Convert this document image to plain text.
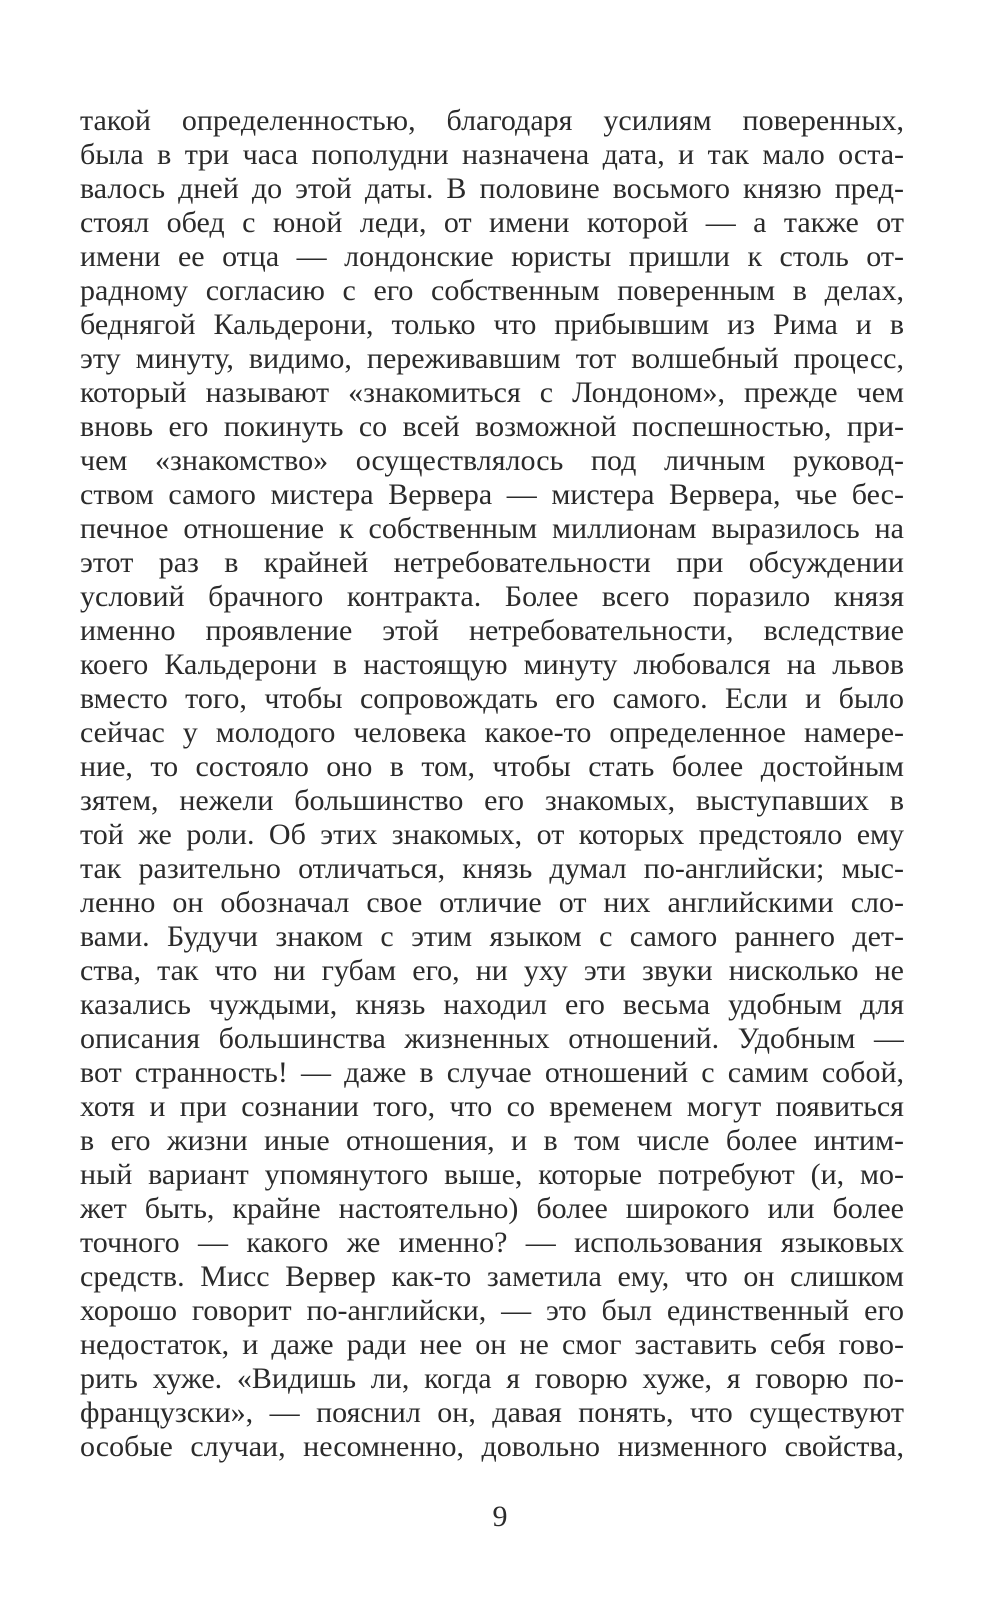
такой определенностью, благодаря усилиям поверенных,
была в три часа пополудни назначена дата, и так мало оста-
валось дней до этой даты. В половине восьмого князю пред-
стоял обед с юной леди, от имени которой — а также от
имени ее отца — лондонские юристы пришли к столь от-
радному согласию с его собственным поверенным в делах,
беднягой Кальдерони, только что прибывшим из Рима и в
эту минуту, видимо, переживавшим тот волшебный процесс,
который называют «знакомиться с Лондоном», прежде чем
вновь его покинуть со всей возможной поспешностью, при-
чем «знакомство» осуществлялось под личным руковод-
ством самого мистера Вервера — мистера Вервера, чье бес-
печное отношение к собственным миллионам выразилось на
этот раз в крайней нетребовательности при обсуждении
условий брачного контракта. Более всего поразило князя
именно проявление этой нетребовательности, вследствие
коего Кальдерони в настоящую минуту любовался на львов
вместо того, чтобы сопровождать его самого. Если и было
сейчас у молодого человека какое-то определенное намере-
ние, то состояло оно в том, чтобы стать более достойным
зятем, нежели большинство его знакомых, выступавших в
той же роли. Об этих знакомых, от которых предстояло ему
так разительно отличаться, князь думал по-английски; мыс-
ленно он обозначал свое отличие от них английскими сло-
вами. Будучи знаком с этим языком с самого раннего дет-
ства, так что ни губам его, ни уху эти звуки нисколько не
казались чуждыми, князь находил его весьма удобным для
описания большинства жизненных отношений. Удобным —
вот странность! — даже в случае отношений с самим собой,
хотя и при сознании того, что со временем могут появиться
в его жизни иные отношения, и в том числе более интим-
ный вариант упомянутого выше, которые потребуют (и, мо-
жет быть, крайне настоятельно) более широкого или более
точного — какого же именно? — использования языковых
средств. Мисс Вервер как-то заметила ему, что он слишком
хорошо говорит по-английски, — это был единственный его
недостаток, и даже ради нее он не смог заставить себя гово-
рить хуже. «Видишь ли, когда я говорю хуже, я говорю по-
французски», — пояснил он, давая понять, что существуют
особые случаи, несомненно, довольно низменного свойства,
9
